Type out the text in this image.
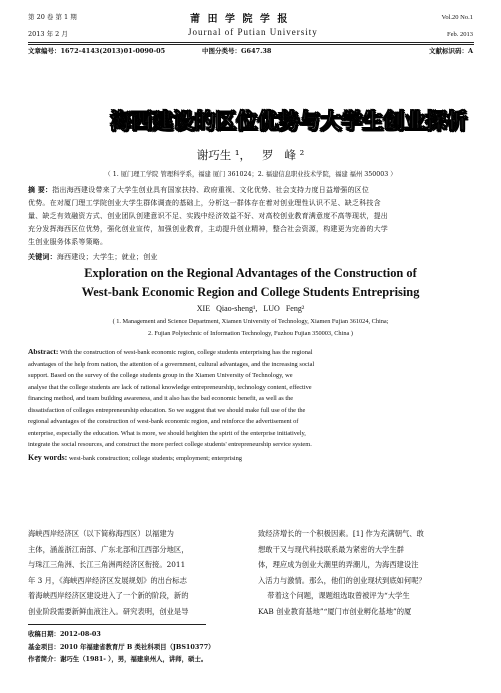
第 20 卷 第 1 期
2013 年 2 月
莆 田 学 院 学 报
Journal of Putian University
Vol.20 No.1
Feb. 2013
文章编号：1672-4143(2013)01-0090-05	中图分类号：G647.38	文献标识码：A
海西建设的区位优势与大学生创业探析
谢巧生 ¹，   罗   峰 ²
（ 1. 厦门理工学院 管理科学系，福建 厦门 361024；2. 福建信息职业技术学院，福建 福州 350003 ）
摘 要：指出海西建设带来了大学生创业具有国家扶持、政府重视、文化优势、社会支持力度日益增强的区位
优势。在对厦门理工学院创业大学生群体调查的基础上，分析这一群体存在着对创业理性认识不足、缺乏科技含
量、缺乏有效融资方式、创业团队创建意识不足、实践中经济效益不好、对高校创业教育满意度不高等现状，提出
充分发挥海西区位优势，强化创业宣传，加强创业教育，主动提升创业精神，整合社会资源，构建更为完善的大学
生创业服务体系等策略。
关键词：海西建设；大学生；就业；创业
Exploration on the Regional Advantages of the Construction of
West-bank Economic Region and College Students Entreprising
XIE   Qiao-sheng¹,   LUO   Feng²
( 1. Management and Science Department, Xiamen University of Technology, Xiamen Fujian 361024, China;
2. Fujian Polytechnic of Information Technology, Fuzhou Fujian 350003, China )
Abstract: With the construction of west-bank economic region, college students enterprising has the regional
advantages of the help from nation, the attention of a government, cultural advantages, and the increasing social
support. Based on the survey of the college students group in the Xiamen University of Technology, we
analyse that the college students are lack of rational knowledge entrepreneurship, technology content, effective
financing method, and team building awareness, and it also has the bad economic benefit, as well as the
dissatisfaction of colleges entrepreneurship education. So we suggest that we should make full use of the the
regional advantages of the construction of west-bank economic region, and reinforce the advertisement of
enterprise, especially the education. What is more, we should heighten the spirit of the enterprise initiatively,
integrate the social resources, and construct the more perfect college students' entrepreneurship service system.
Key words: west-bank construction; college students; employment; enterprising
海峡西岸经济区（以下简称海西区）以福建为
主体，涵盖浙江南部、广东北部和江西部分地区，
与珠江三角洲、长江三角洲两经济区衔接。2011
年 3 月，《海峡西岸经济区发展规划》的出台标志
着海峡西岸经济区建设进入了一个新的阶段，新的
创业阶段需要新鲜血液注入。研究表明，创业是导
致经济增长的一个积极因素。[1] 作为充满朝气、敢
想敢干又与现代科技联系最为紧密的大学生群
体，理应成为创业大潮里的弄潮儿，为海西建设注
入活力与激情。那么，他们的创业现状到底如何呢？
带着这个问题，课题组选取曾被评为“大学生
KAB 创业教育基地”“厦门市创业孵化基地”的厦
收稿日期：2012-08-03
基金项目：2010 年福建省教育厅 B 类社科项目（JBS10377）
作者简介：谢巧生（1981- ），男，福建泉州人，讲师，硕士。
